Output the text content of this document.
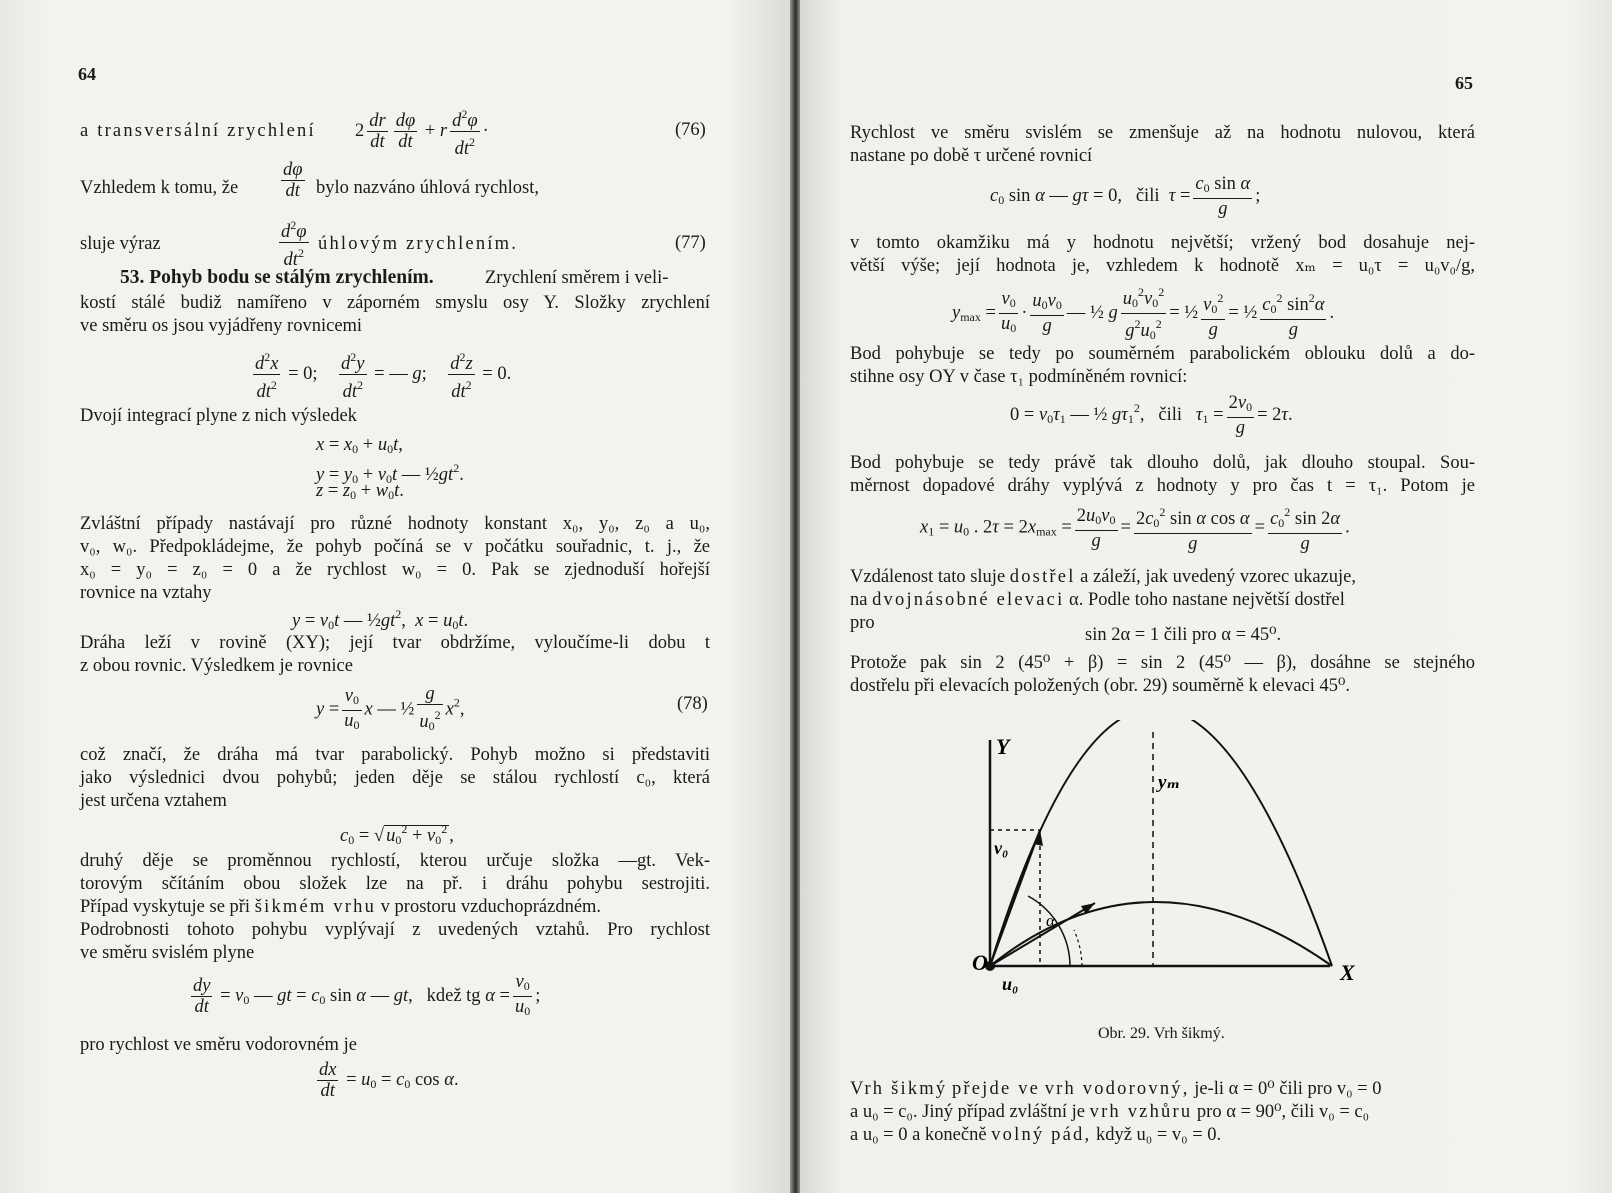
64
a transversální zrychlení $2 \frac{dr}{dt} \frac{d\varphi}{dt} + r \frac{d^2\varphi}{dt^2}$ ·	(76)
Vzhledem k tomu, že $\frac{d\varphi}{dt}$ bylo nazváno úhlová rychlost,
sluje výraz	$\frac{d^2\varphi}{dt^2}$ úhlovým zrychlením.	(77)
53. Pohyb bodu se stálým zrychlením.	Zrychlení směrem i veli-
kostí stálé budiž namířeno v záporném smyslu osy Y. Složky zrychlení
ve směru os jsou vyjádřeny rovnicemi
$\frac{d^2x}{dt^2} = 0$; $\frac{d^2y}{dt^2}$ = — g; $\frac{d^2z}{dt^2} = 0$.
Dvojí integrací plyne z nich výsledek
$x = x_0 + u_0t$,
$y = y_0 + v_0t$ — $\frac{1}{2}gt^2$.
$z = z_0 + w_0t$.
Zvláštní případy nastávají pro různé hodnoty konstant x₀, y₀, z₀ a u₀,
v₀, w₀. Předpokládejme, že pohyb počíná se v počátku souřadnic, t. j., že
x₀ = y₀ = z₀ = 0 a že rychlost w₀ = 0. Pak se zjednoduší hořejší
rovnice na vztahy
$y = v_0t$ — $\frac{1}{2}gt^2$,  $x = u_0t$.
Dráha leží v rovině (XY); její tvar obdržíme, vyloučíme-li dobu t
z obou rovnic. Výsledkem je rovnice
$y = \frac{v_0}{u_0}$ x — ½ $\frac{g}{u_0^2} x^2$,	(78)
což značí, že dráha má tvar parabolický. Pohyb možno si představiti
jako výslednici dvou pohybů; jeden děje se stálou rychlostí c₀, která
jest určena vztahem
$c_0$ = √ $u_0^2 + v_0^2$ ,
druhý děje se proměnnou rychlostí, kterou určuje složka —gt. Vek-
torovým sčítáním obou složek lze na př. i dráhu pohybu sestrojiti.
Případ vyskytuje se při šikmém vrhu v prostoru vzduchoprázdném.
Podrobnosti tohoto pohybu vyplývají z uvedených vztahů. Pro rychlost
ve směru svislém plyne
$\frac{dy}{dt} = v_0$ — gt = $c_0$ sin α — gt,   kdež tg $\alpha = \frac{v_0}{u_0}$ ;
pro rychlost ve směru vodorovném je
$\frac{dx}{dt} = u_0 = c_0$ cos α.
65
Rychlost ve směru svislém se zmenšuje až na hodnotu nulovou, která
nastane po době τ určené rovnicí
$c_0$ sin α — gτ = 0,   čili  $\tau = \frac{c_0 \sin \alpha}{g}$ ;
v tomto okamžiku má y hodnotu největší; vržený bod dosahuje nej-
větší výše; její hodnota je, vzhledem k hodnotě xₘ = u₀τ = u₀v₀/g,
$y_{max} = \frac{v_0}{u_0} \cdot \frac{u_0v_0}{g}$ — ½ g $\frac{u_0^2v_0^2}{g^2u_0^2}$ = ½ $\frac{v_0^2}{g}$ = ½ $\frac{c_0^2 \sin^2\alpha}{g}$ .
Bod pohybuje se tedy po souměrném parabolickém oblouku dolů a do-
stihne osy OY v čase τ₁ podmíněném rovnicí:
$0 = v_0\tau_1$ — ½ $g\tau_1^2$,   čili   $\tau_1 = \frac{2v_0}{g} = 2\tau$.
Bod pohybuje se tedy právě tak dlouho dolů, jak dlouho stoupal. Sou-
měrnost dopadové dráhy vyplývá z hodnoty y pro čas t = τ₁. Potom je
$x_1 = u_0$ . $2\tau = 2x_{max} = \frac{2u_0v_0}{g} = \frac{2c_0^2 \sin \alpha \cos \alpha}{g} = \frac{c_0^2 \sin 2\alpha}{g}$ .
Vzdálenost tato sluje dostřel a záleží, jak uvedený vzorec ukazuje,
na dvojnásobné elevaci α. Podle toho nastane největší dostřel
pro
sin 2α = 1 čili pro α = 45⁰.
Protože pak sin 2 (45⁰ + β) = sin 2 (45⁰ — β), dosáhne se stejného
dostřelu při elevacích položených (obr. 29) souměrně k elevaci 45⁰.
Y
X
O
yₘ
v₀
u₀
α
Obr. 29. Vrh šikmý.
Vrh šikmý přejde ve vrh vodorovný, je-li α = 0⁰ čili pro v₀ = 0
a u₀ = c₀. Jiný případ zvláštní je vrh vzhůru pro α = 90⁰, čili v₀ = c₀
a u₀ = 0 a konečně volný pád, když u₀ = v₀ = 0.
